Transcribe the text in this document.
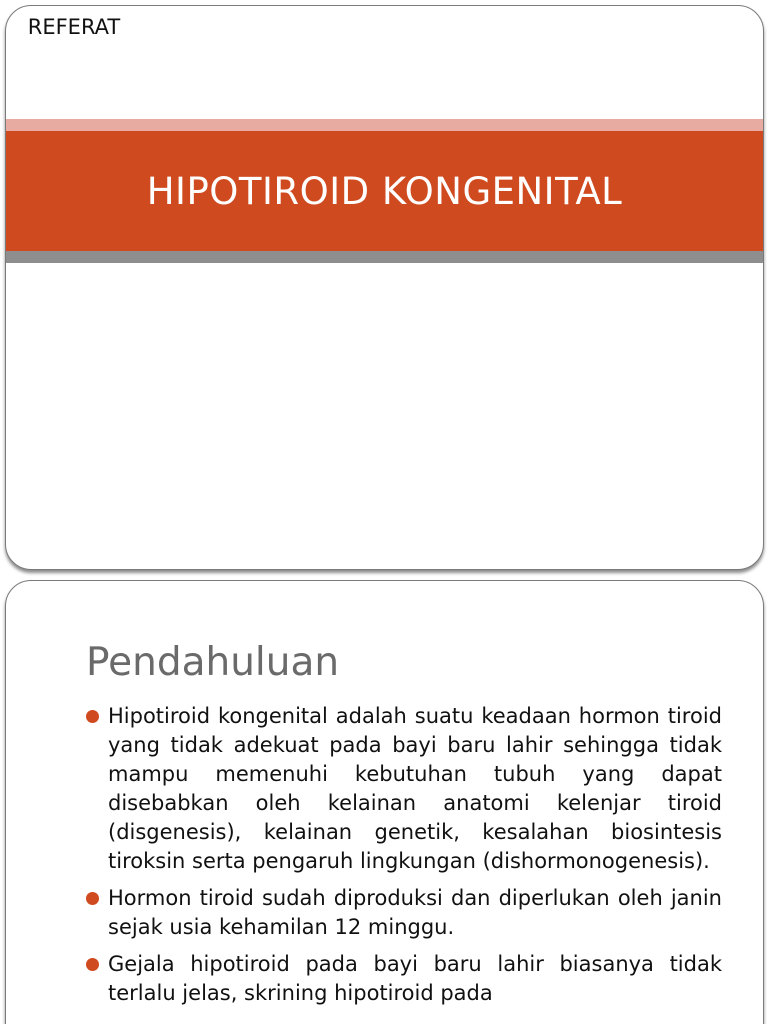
REFERAT
HIPOTIROID KONGENITAL
Pendahuluan
Hipotiroid kongenital adalah suatu keadaan hormon tiroid yang tidak adekuat pada bayi baru lahir sehingga tidak mampu memenuhi kebutuhan tubuh yang dapat disebabkan oleh kelainan anatomi kelenjar tiroid (disgenesis), kelainan genetik, kesalahan biosintesis tiroksin serta pengaruh lingkungan (dishormonogenesis).
Hormon tiroid sudah diproduksi dan diperlukan oleh janin sejak usia kehamilan 12 minggu.
Gejala hipotiroid pada bayi baru lahir biasanya tidak terlalu jelas, skrining hipotiroid pada
